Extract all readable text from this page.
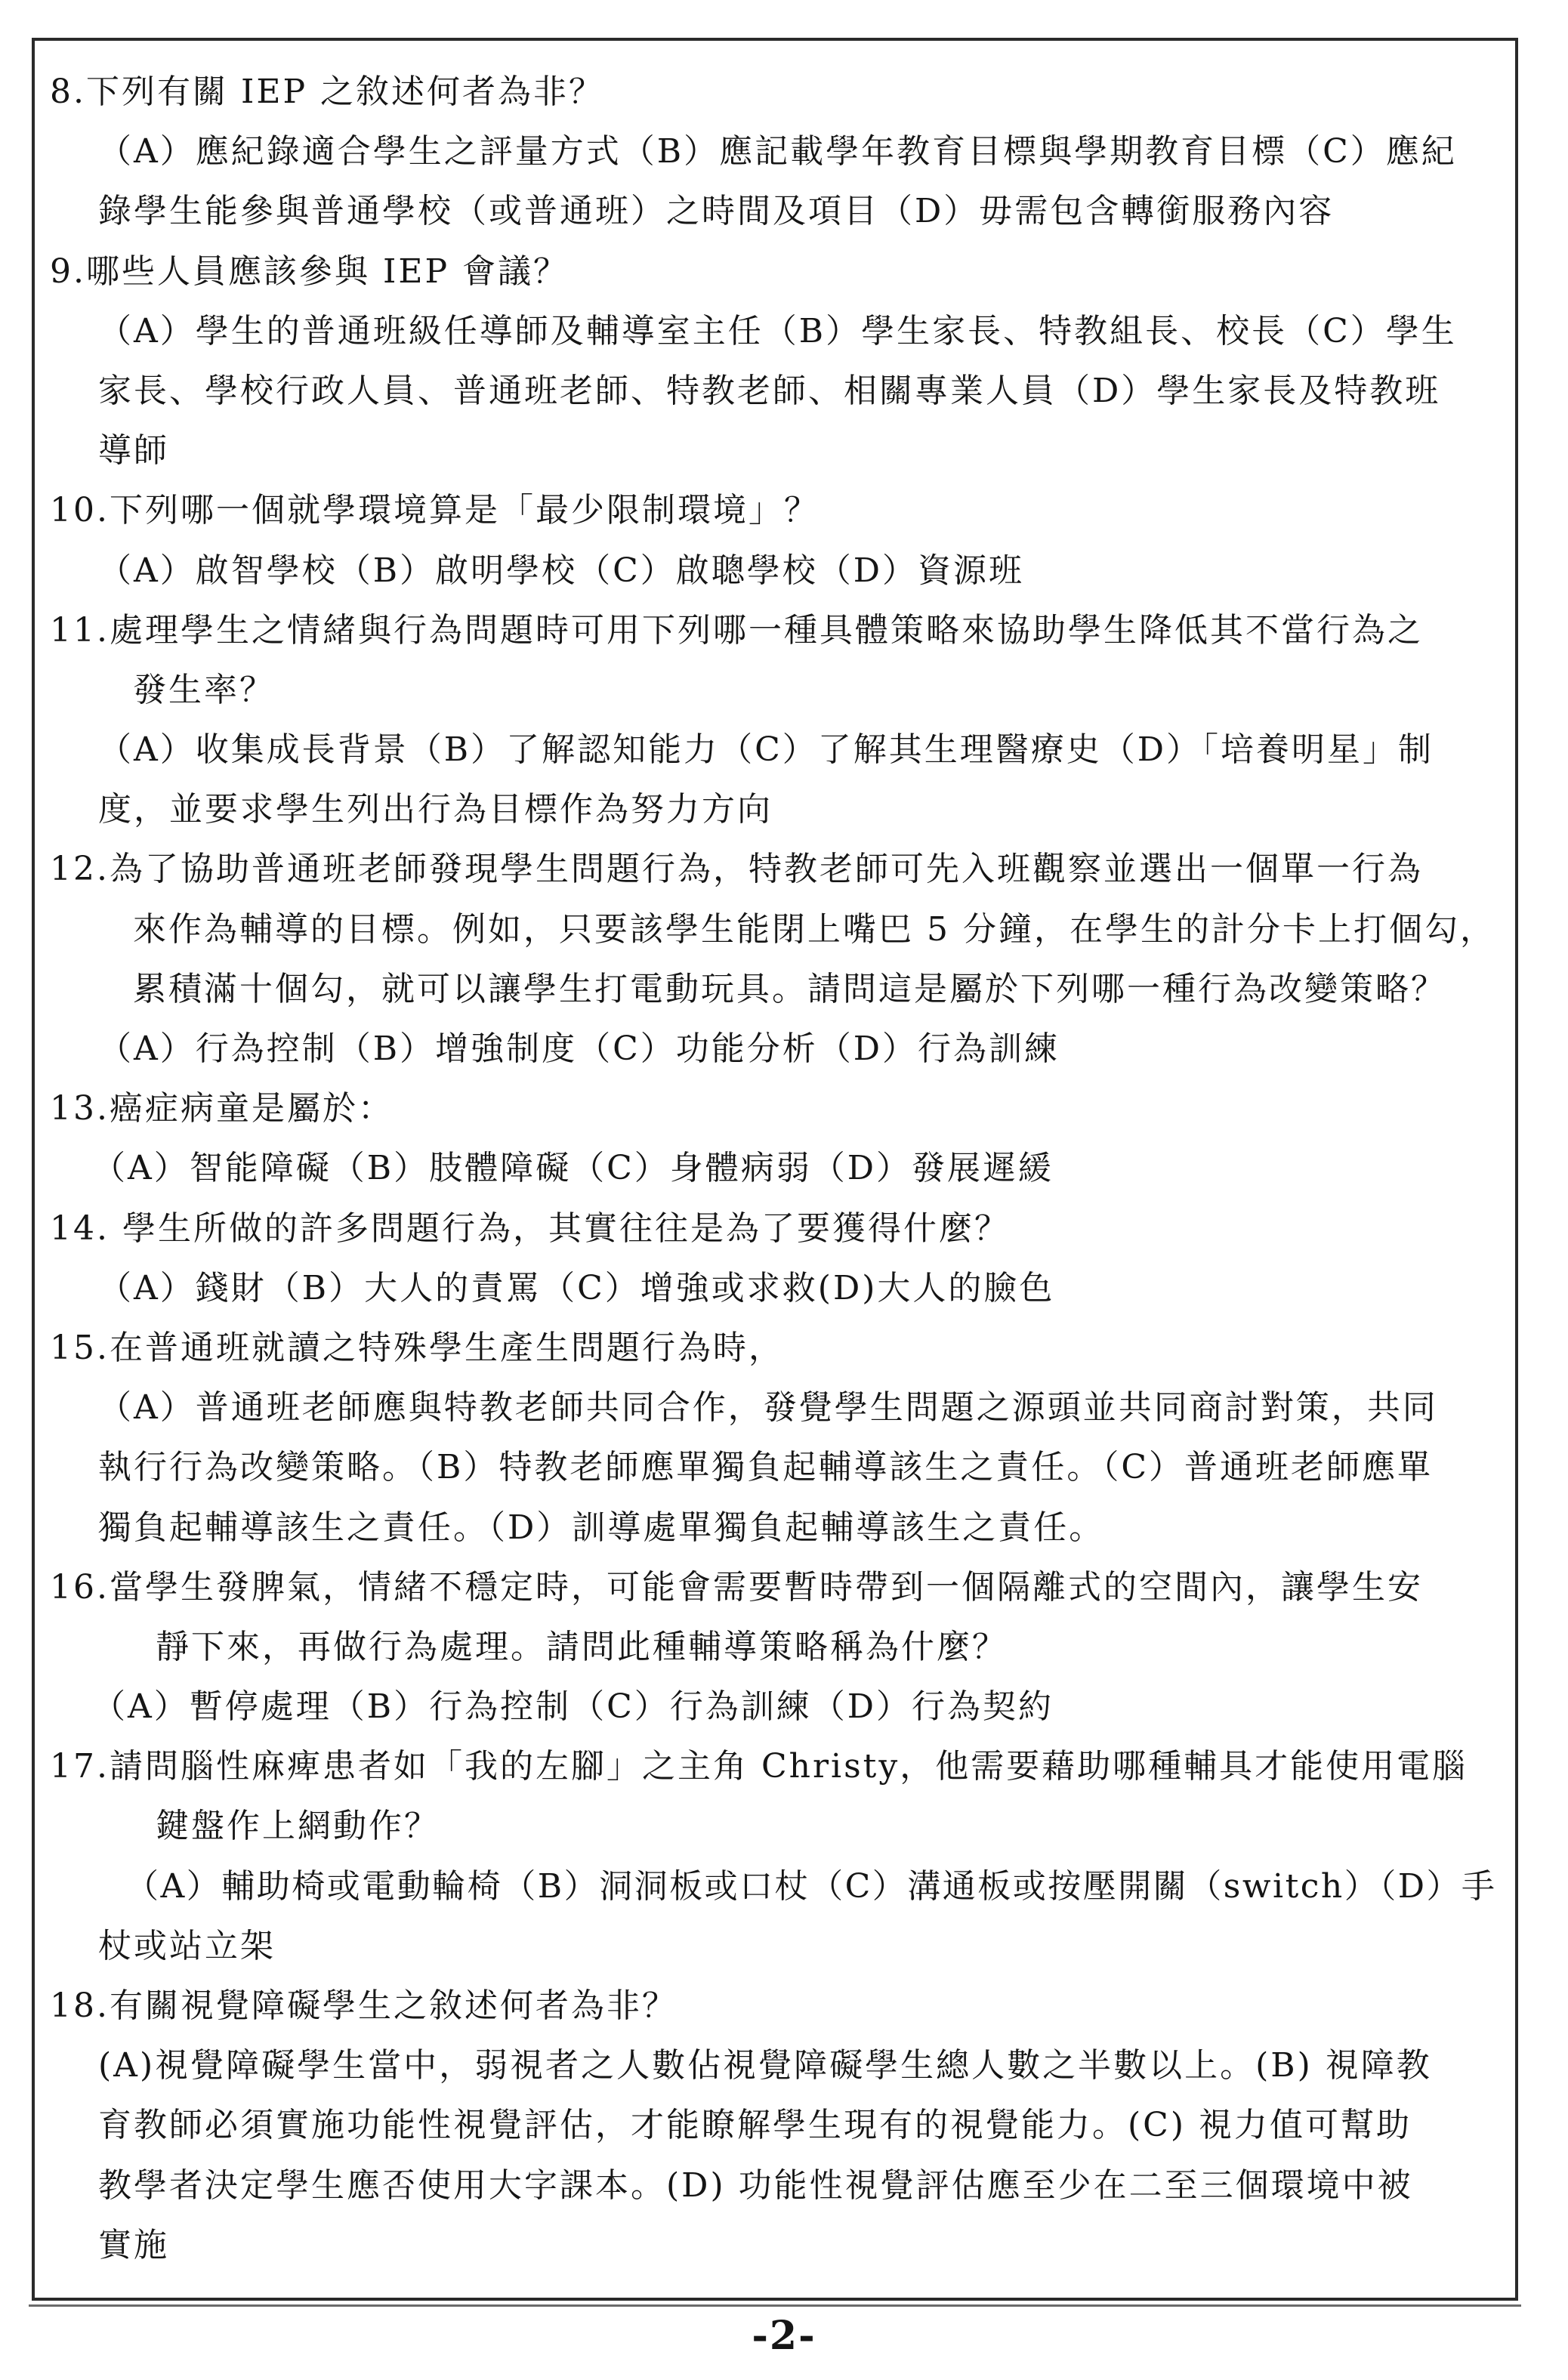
8.下列有關 IEP 之敘述何者為非？
（A）應紀錄適合學生之評量方式（B）應記載學年教育目標與學期教育目標（C）應紀
錄學生能參與普通學校（或普通班）之時間及項目（D）毋需包含轉銜服務內容
9.哪些人員應該參與 IEP 會議？
（A）學生的普通班級任導師及輔導室主任（B）學生家長、特教組長、校長（C）學生
家長、學校行政人員、普通班老師、特教老師、相關專業人員（D）學生家長及特教班
導師
10.下列哪一個就學環境算是「最少限制環境」？
（A）啟智學校（B）啟明學校（C）啟聰學校（D）資源班
11.處理學生之情緒與行為問題時可用下列哪一種具體策略來協助學生降低其不當行為之
發生率？
（A）收集成長背景（B）了解認知能力（C）了解其生理醫療史（D）「培養明星」制
度，並要求學生列出行為目標作為努力方向
12.為了協助普通班老師發現學生問題行為，特教老師可先入班觀察並選出一個單一行為
來作為輔導的目標。例如，只要該學生能閉上嘴巴 5 分鐘，在學生的計分卡上打個勾，
累積滿十個勾，就可以讓學生打電動玩具。請問這是屬於下列哪一種行為改變策略？
（A）行為控制（B）增強制度（C）功能分析（D）行為訓練
13.癌症病童是屬於：
（A）智能障礙（B）肢體障礙（C）身體病弱（D）發展遲緩
14. 學生所做的許多問題行為，其實往往是為了要獲得什麼？
（A）錢財（B）大人的責罵（C）增強或求救(D)大人的臉色
15.在普通班就讀之特殊學生產生問題行為時，
（A）普通班老師應與特教老師共同合作，發覺學生問題之源頭並共同商討對策，共同
執行行為改變策略。（B）特教老師應單獨負起輔導該生之責任。（C）普通班老師應單
獨負起輔導該生之責任。（D）訓導處單獨負起輔導該生之責任。
16.當學生發脾氣，情緒不穩定時，可能會需要暫時帶到一個隔離式的空間內，讓學生安
靜下來，再做行為處理。請問此種輔導策略稱為什麼？
（A）暫停處理（B）行為控制（C）行為訓練（D）行為契約
17.請問腦性麻痺患者如「我的左腳」之主角 Christy，他需要藉助哪種輔具才能使用電腦
鍵盤作上網動作？
（A）輔助椅或電動輪椅（B）洞洞板或口杖（C）溝通板或按壓開關（switch）（D）手
杖或站立架
18.有關視覺障礙學生之敘述何者為非？
(A)視覺障礙學生當中，弱視者之人數佔視覺障礙學生總人數之半數以上。(B) 視障教
育教師必須實施功能性視覺評估，才能瞭解學生現有的視覺能力。(C) 視力值可幫助
教學者決定學生應否使用大字課本。(D) 功能性視覺評估應至少在二至三個環境中被
實施
-2-
